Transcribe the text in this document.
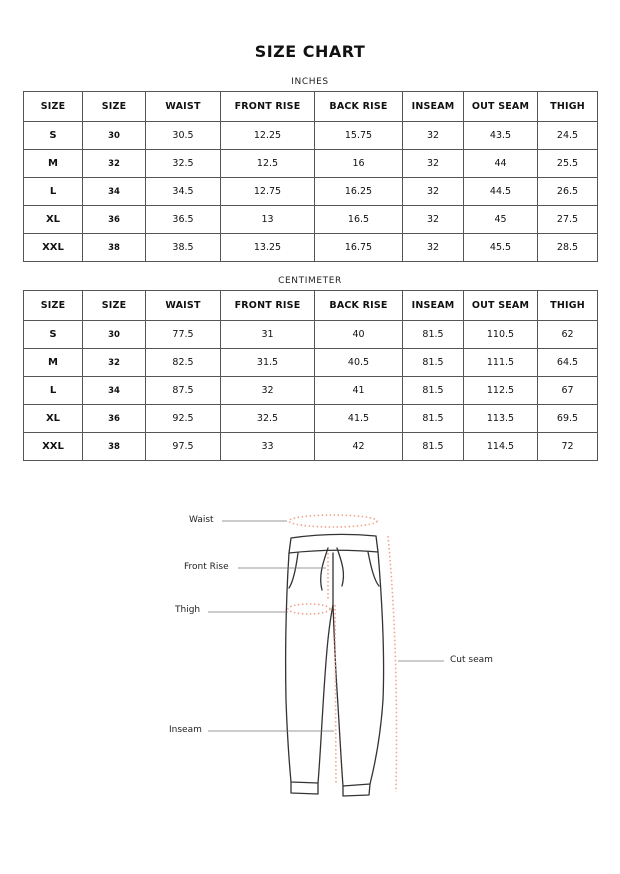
SIZE CHART
INCHES
SIZE	SIZE	WAIST	FRONT RISE	BACK RISE	INSEAM	OUT SEAM	THIGH
S	30	30.5	12.25	15.75	32	43.5	24.5
M	32	32.5	12.5	16	32	44	25.5
L	34	34.5	12.75	16.25	32	44.5	26.5
XL	36	36.5	13	16.5	32	45	27.5
XXL	38	38.5	13.25	16.75	32	45.5	28.5
CENTIMETER
SIZE	SIZE	WAIST	FRONT RISE	BACK RISE	INSEAM	OUT SEAM	THIGH
S	30	77.5	31	40	81.5	110.5	62
M	32	82.5	31.5	40.5	81.5	111.5	64.5
L	34	87.5	32	41	81.5	112.5	67
XL	36	92.5	32.5	41.5	81.5	113.5	69.5
XXL	38	97.5	33	42	81.5	114.5	72
Waist
Front Rise
Thigh
Cut seam
Inseam
